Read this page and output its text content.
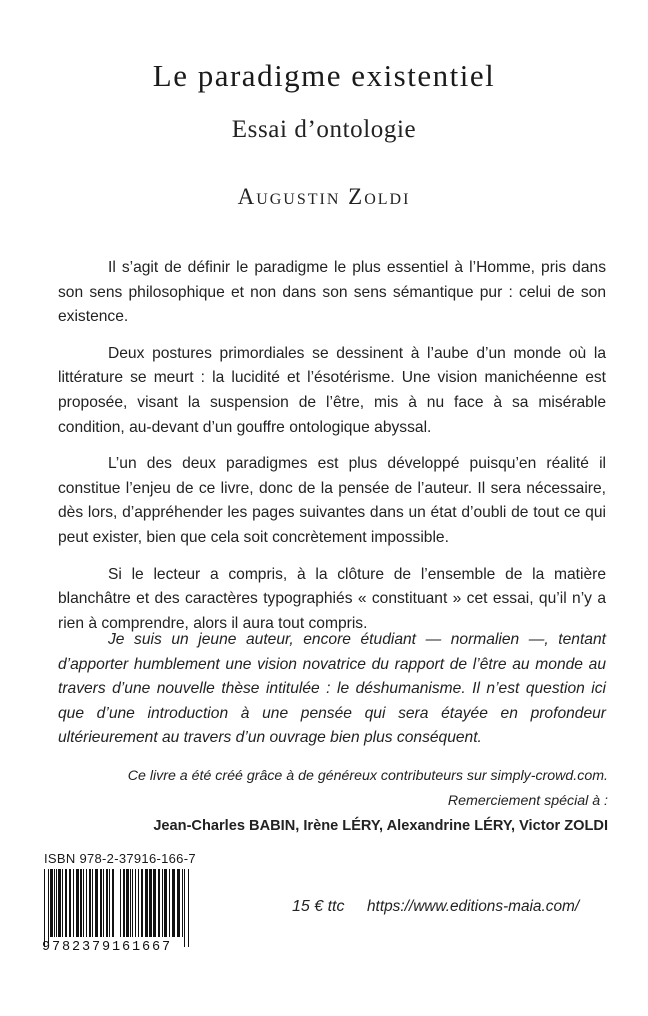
Le paradigme existentiel
Essai d’ontologie
Augustin Zoldi

Il s’agit de définir le paradigme le plus essentiel à l’Homme, pris dans son sens philosophique et non dans son sens sémantique pur : celui de son existence.

Deux postures primordiales se dessinent à l’aube d’un monde où la littérature se meurt : la lucidité et l’ésotérisme. Une vision manichéenne est proposée, visant la suspension de l’être, mis à nu face à sa misérable condition, au-devant d’un gouffre ontologique abyssal.

L’un des deux paradigmes est plus développé puisqu’en réalité il constitue l’enjeu de ce livre, donc de la pensée de l’auteur. Il sera nécessaire, dès lors, d’appréhender les pages suivantes dans un état d’oubli de tout ce qui peut exister, bien que cela soit concrètement impossible.

Si le lecteur a compris, à la clôture de l’ensemble de la matière blanchâtre et des caractères typographiés « constituant » cet essai, qu’il n’y a rien à comprendre, alors il aura tout compris.

Je suis un jeune auteur, encore étudiant — normalien —, tentant d’apporter humblement une vision novatrice du rapport de l’être au monde au travers d’une nouvelle thèse intitulée : le déshumanisme. Il n’est question ici que d’une introduction à une pensée qui sera étayée en profondeur ultérieurement au travers d’un ouvrage bien plus conséquent.

Ce livre a été créé grâce à de généreux contributeurs sur simply-crowd.com.
Remerciement spécial à :
Jean-Charles BABIN, Irène LÉRY, Alexandrine LÉRY, Victor ZOLDI
ISBN 978-2-37916-166-7
9782379161667
15 € ttc https://www.editions-maia.com/
